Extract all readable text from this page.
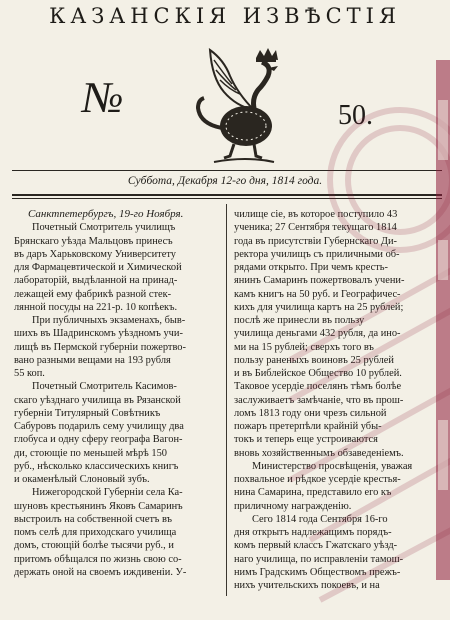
КАЗАНСКІЯ ИЗВѢСТІЯ
№	50.
Суббота, Декабря 12-го дня, 1814 года.
Санктпетербургъ, 19-го Ноября.
Почетный Смотритель училищъ
Брянскаго уѣзда Мальцовъ принесъ
въ даръ Харьковскому Университету
для Фармацевтической и Химической
лабораторій, выдѣланной на принад-
лежащей ему фабрикѣ разной стек-
лянной посуды на 221-р. 10 копѣекъ.
При публичныхъ экзаменахъ, быв-
шихъ въ Шадринскомъ уѣздномъ учи-
лищѣ въ Пермской губерніи пожертво-
вано разными вещами на 193 рубля
55 коп.
Почетный Смотритель Касимов-
скаго уѣзднаго училища въ Рязанской
губерніи Титулярный Совѣтникъ
Сабуровъ подарилъ сему училищу два
глобуса и одну сферу географа Вагон-
ди, стоющіе по меньшей мѣрѣ 150
руб., нѣсколько классическихъ книгъ
и окаменѣлый Слоновый зубъ.
Нижегородской Губерніи села Ка-
шуновъ крестьянинъ Яковъ Самаринъ
выстроилъ на собственной счетъ въ
помъ селѣ для приходскаго училища
домъ, стоющій болѣе тысячи руб., и
притомъ обѣщался по жизнь свою со-
держать оной на своемъ иждивеніи. У-
чилище сіе, въ которое поступило 43
ученика; 27 Сентября текущаго 1814
года въ присутствіи Губернскаго Ди-
ректора училищъ съ приличными об-
рядами открыто. При чемъ кресть-
янинъ Самаринъ пожертвовалъ учени-
камъ книгъ на 50 руб. и Географичес-
кихъ для училища картъ на 25 рублей;
послѣ же принесли въ пользу
училища деньгами 432 рубля, да ино-
ми на 15 рублей; сверхъ того въ
пользу раненыхъ воиновъ 25 рублей
и въ Библейское Общество 10 рублей.
Таковое усердіе поселянъ тѣмъ болѣе
заслуживаетъ замѣчаніе, что въ прош-
ломъ 1813 году они чрезъ сильной
пожаръ претерпѣли крайній убы-
токъ и теперь еще устроиваются
вновь хозяйственнымъ обзаведеніемъ.
Министерство просвѣщенія, уважая
похвальное и рѣдкое усердіе крестья-
нина Самарина, представило его къ
приличному награжденію.
Сего 1814 года Сентября 16-го
дня открытъ надлежащимъ порядъ-
комъ первый классъ Гжатскаго уѣзд-
наго училища, по исправленіи тамош-
нимъ Градскимъ Обществомъ прежъ-
нихъ учительскихъ покоевъ, и на
